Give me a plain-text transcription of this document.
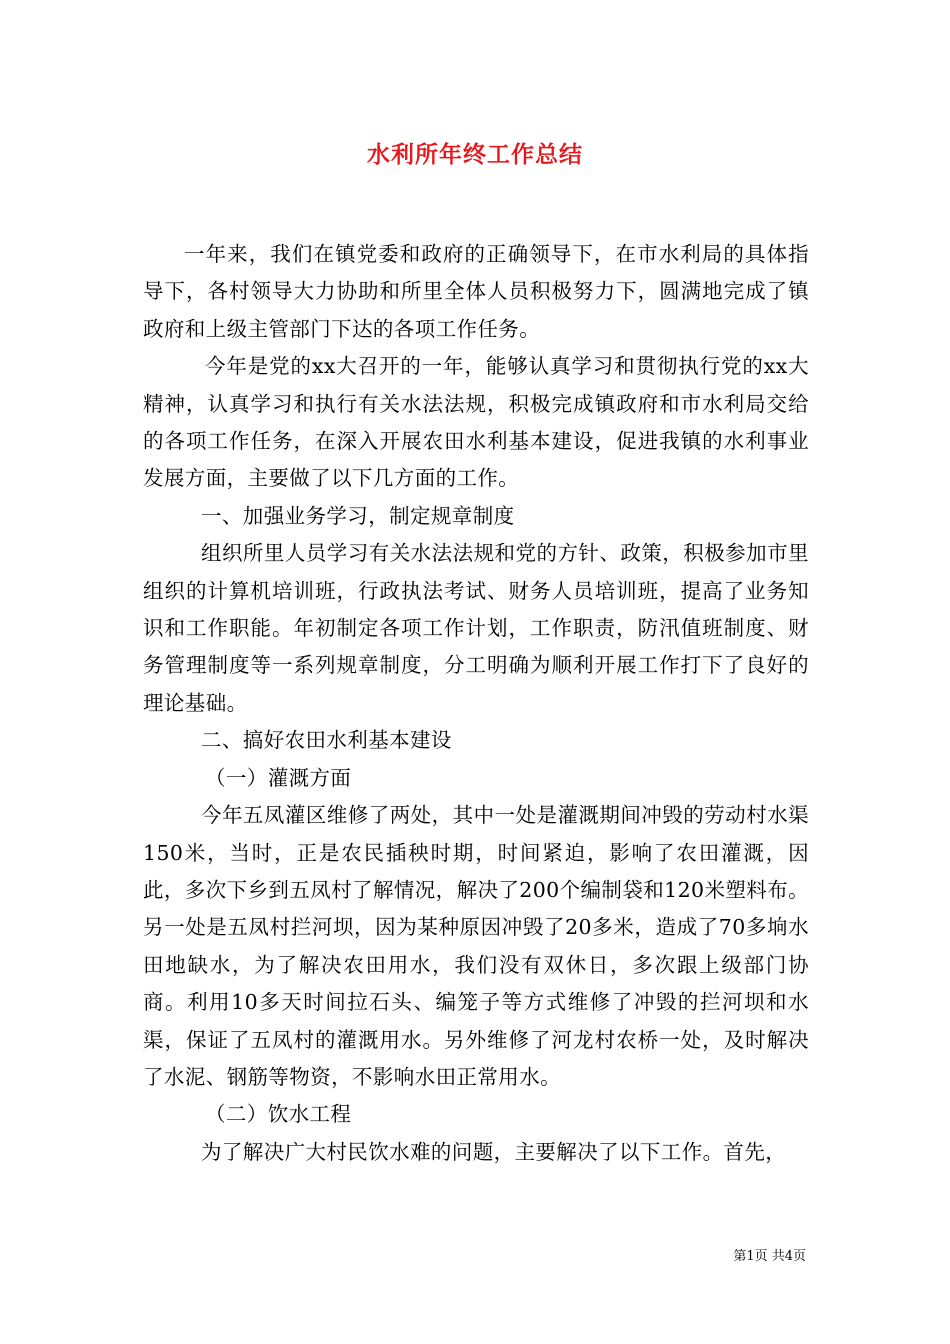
水利所年终工作总结

一年来，我们在镇党委和政府的正确领导下，在市水利局的具体指导下，各村领导大力协助和所里全体人员积极努力下，圆满地完成了镇政府和上级主管部门下达的各项工作任务。

今年是党的xx大召开的一年，能够认真学习和贯彻执行党的xx大精神，认真学习和执行有关水法法规，积极完成镇政府和市水利局交给的各项工作任务，在深入开展农田水利基本建设，促进我镇的水利事业发展方面，主要做了以下几方面的工作。

一、加强业务学习，制定规章制度

组织所里人员学习有关水法法规和党的方针、政策，积极参加市里组织的计算机培训班，行政执法考试、财务人员培训班，提高了业务知识和工作职能。年初制定各项工作计划，工作职责，防汛值班制度、财务管理制度等一系列规章制度，分工明确为顺利开展工作打下了良好的理论基础。

二、搞好农田水利基本建设

（一）灌溉方面

今年五凤灌区维修了两处，其中一处是灌溉期间冲毁的劳动村水渠150米，当时，正是农民插秧时期，时间紧迫，影响了农田灌溉，因此，多次下乡到五凤村了解情况，解决了200个编制袋和120米塑料布。另一处是五凤村拦河坝，因为某种原因冲毁了20多米，造成了70多垧水田地缺水，为了解决农田用水，我们没有双休日，多次跟上级部门协商。利用10多天时间拉石头、编笼子等方式维修了冲毁的拦河坝和水渠，保证了五凤村的灌溉用水。另外维修了河龙村农桥一处，及时解决了水泥、钢筋等物资，不影响水田正常用水。

（二）饮水工程

为了解决广大村民饮水难的问题，主要解决了以下工作。首先，

第1页 共4页
